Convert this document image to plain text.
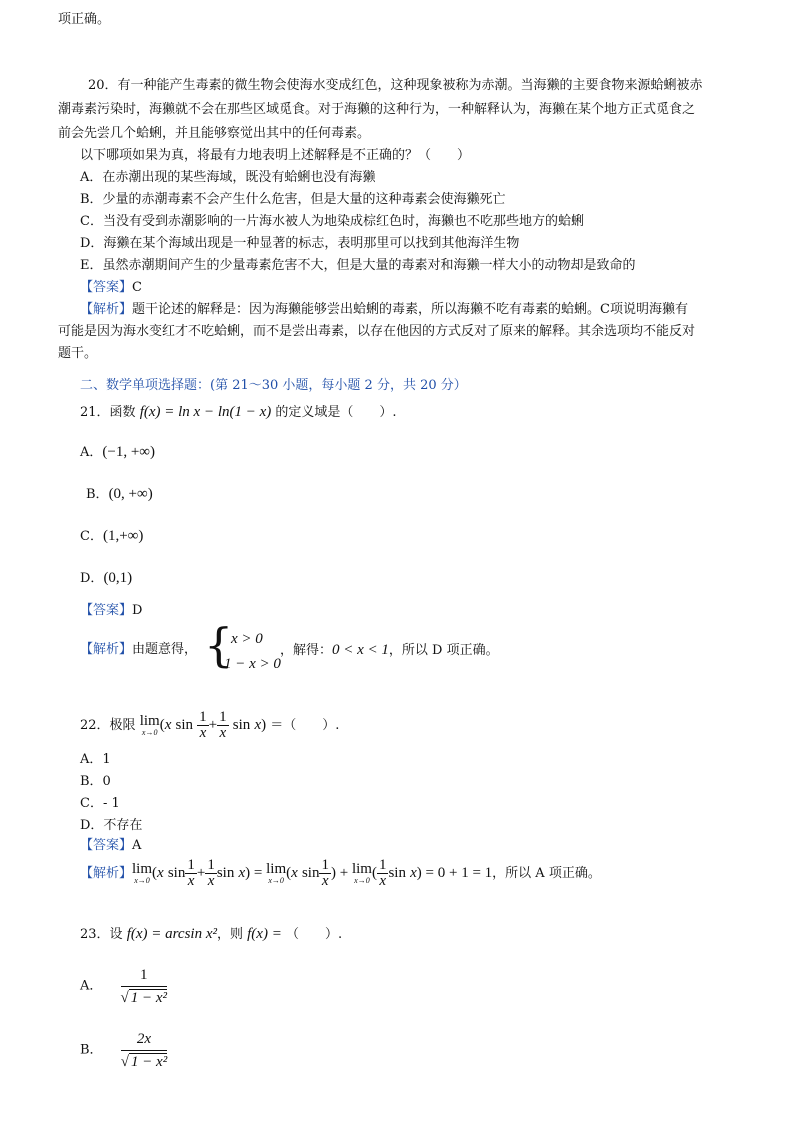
项正确。
20．有一种能产生毒素的微生物会使海水变成红色，这种现象被称为赤潮。当海獭的主要食物来源蛤蜊被赤
潮毒素污染时，海獭就不会在那些区域觅食。对于海獭的这种行为，一种解释认为，海獭在某个地方正式觅食之
前会先尝几个蛤蜊，并且能够察觉出其中的任何毒素。
以下哪项如果为真，将最有力地表明上述解释是不正确的？（　　）
A．在赤潮出现的某些海域，既没有蛤蜊也没有海獭
B．少量的赤潮毒素不会产生什么危害，但是大量的这种毒素会使海獭死亡
C．当没有受到赤潮影响的一片海水被人为地染成棕红色时，海獭也不吃那些地方的蛤蜊
D．海獭在某个海域出现是一种显著的标志，表明那里可以找到其他海洋生物
E．虽然赤潮期间产生的少量毒素危害不大，但是大量的毒素对和海獭一样大小的动物却是致命的
【答案】C
【解析】题干论述的解释是：因为海獭能够尝出蛤蜊的毒素，所以海獭不吃有毒素的蛤蜊。C项说明海獭有
可能是因为海水变红才不吃蛤蜊，而不是尝出毒素，以存在他因的方式反对了原来的解释。其余选项均不能反对
题干。
二、数学单项选择题：(第 21～30 小题，每小题 2 分，共 20 分）
21．函数 f(x) = ln x − ln(1 − x) 的定义域是（　　）.
A．(−1, +∞)
B．(0, +∞)
C．(1,+∞)
D．(0,1)
【答案】D
【解析】由题意得， {
x > 0
1 − x > 0
，解得：0 < x < 1，所以 D 项正确。
22．极限 lim
x→0 (x $\sin \frac{1}{x} + \frac{1}{x}$ sin x) ＝（　　）.
A．1
B．0
C．- 1
D．不存在
【答案】A
【解析】 lim
x→0 (x $\sin \frac{1}{x} + \frac{1}{x}$ sin x) = lim
x→0 (x $\sin \frac{1}{x}$ ) + lim
x→0 ( $\frac{1}{x}$ sin x) = 0 + 1 = 1，所以 A 项正确。
23．设 f(x) = arcsin x²，则 f(x) = （　　）.
A． $\frac{1}{\text{√ 1 − x²}}$
B． $\frac{2x}{\text{√ 1 − x²}}$
